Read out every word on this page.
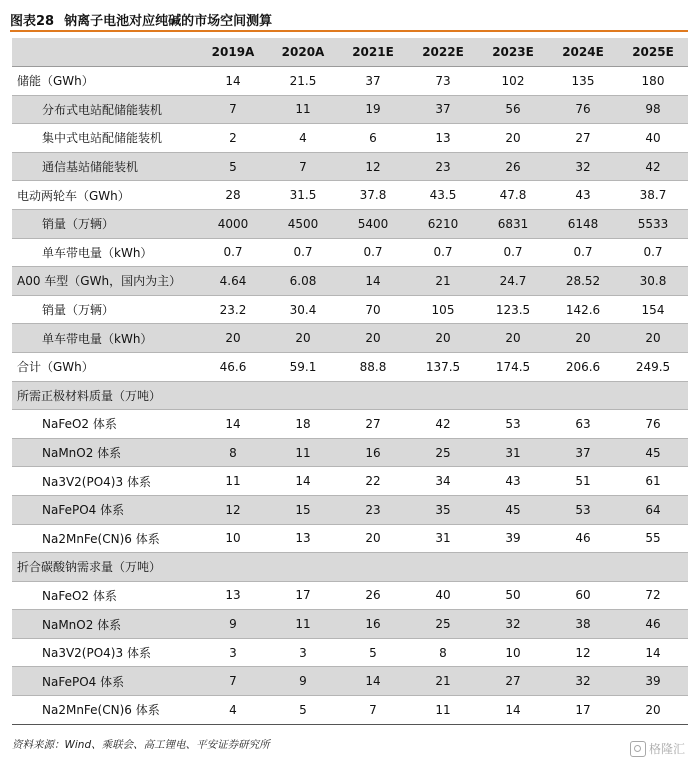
图表28 钠离子电池对应纯碱的市场空间测算
	2019A	2020A	2021E	2022E	2023E	2024E	2025E
储能（GWh）	14	21.5	37	73	102	135	180
分布式电站配储能装机	7	11	19	37	56	76	98
集中式电站配储能装机	2	4	6	13	20	27	40
通信基站储能装机	5	7	12	23	26	32	42
电动两轮车（GWh）	28	31.5	37.8	43.5	47.8	43	38.7
销量（万辆）	4000	4500	5400	6210	6831	6148	5533
单车带电量（kWh）	0.7	0.7	0.7	0.7	0.7	0.7	0.7
A00 车型（GWh，国内为主）	4.64	6.08	14	21	24.7	28.52	30.8
销量（万辆）	23.2	30.4	70	105	123.5	142.6	154
单车带电量（kWh）	20	20	20	20	20	20	20
合计（GWh）	46.6	59.1	88.8	137.5	174.5	206.6	249.5
所需正极材料质量（万吨）							
NaFeO2 体系	14	18	27	42	53	63	76
NaMnO2 体系	8	11	16	25	31	37	45
Na3V2(PO4)3 体系	11	14	22	34	43	51	61
NaFePO4 体系	12	15	23	35	45	53	64
Na2MnFe(CN)6 体系	10	13	20	31	39	46	55
折合碳酸钠需求量（万吨）							
NaFeO2 体系	13	17	26	40	50	60	72
NaMnO2 体系	9	11	16	25	32	38	46
Na3V2(PO4)3 体系	3	3	5	8	10	12	14
NaFePO4 体系	7	9	14	21	27	32	39
Na2MnFe(CN)6 体系	4	5	7	11	14	17	20
资料来源：Wind、乘联会、高工锂电、平安证券研究所	格隆汇
